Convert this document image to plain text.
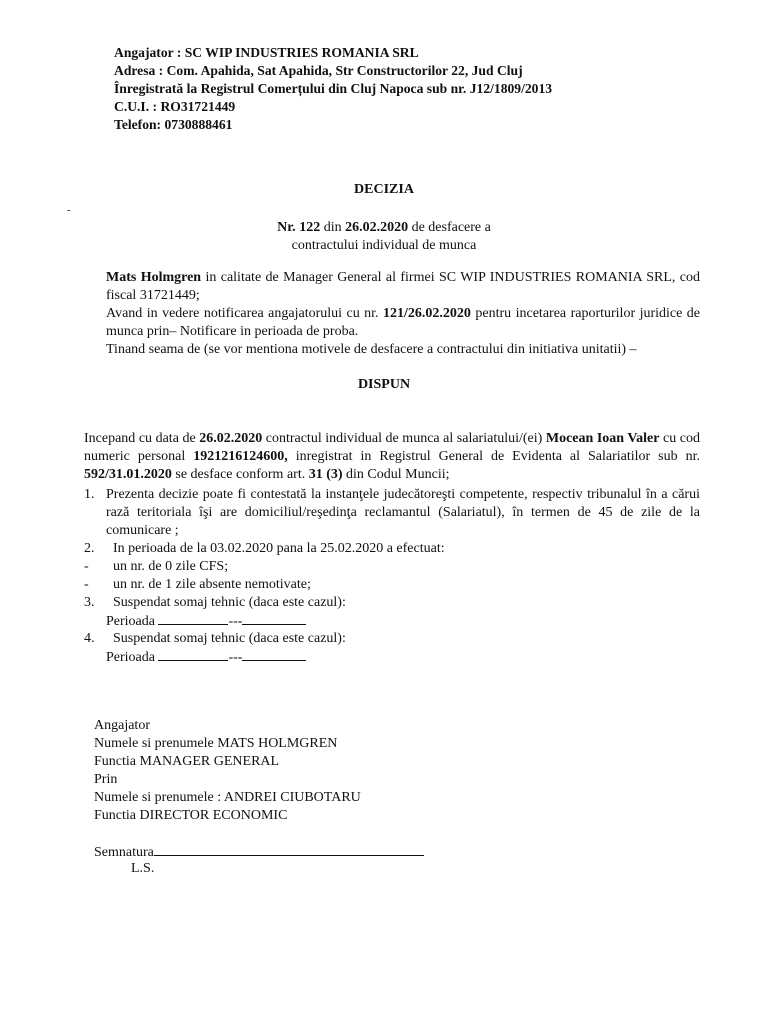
Angajator : SC WIP INDUSTRIES ROMANIA SRL
Adresa : Com. Apahida, Sat Apahida, Str Constructorilor 22, Jud Cluj
Înregistrată la Registrul Comerțului din Cluj Napoca sub nr. J12/1809/2013
C.U.I. : RO31721449
Telefon: 0730888461
DECIZIA
-
Nr. 122 din 26.02.2020 de desfacere a
contractului individual de munca
Mats Holmgren in calitate de Manager General al firmei SC WIP INDUSTRIES ROMANIA SRL, cod fiscal 31721449;
Avand in vedere notificarea angajatorului cu nr. 121/26.02.2020 pentru incetarea raporturilor juridice de munca prin– Notificare in perioada de proba.
Tinand seama de (se vor mentiona motivele de desfacere a contractului din initiativa unitatii) –
DISPUN
Incepand cu data de 26.02.2020 contractul individual de munca al salariatului/(ei) Mocean Ioan Valer cu cod numeric personal 1921216124600, inregistrat in Registrul General de Evidenta al Salariatilor sub nr. 592/31.01.2020 se desface conform art. 31 (3) din Codul Muncii;
1. Prezenta decizie poate fi contestată la instanţele judecătoreşti competente, respectiv tribunalul în a cărui rază teritoriala îşi are domiciliul/reşedinţa reclamantul (Salariatul), în termen de 45 de zile de la comunicare ;
2. In perioada de la 03.02.2020 pana la 25.02.2020 a efectuat:
- un nr. de 0 zile CFS;
- un nr. de 1 zile absente nemotivate;
3. Suspendat somaj tehnic (daca este cazul):
Perioada	---
4. Suspendat somaj tehnic (daca este cazul):
Perioada	---
Angajator
Numele si prenumele MATS HOLMGREN
Functia MANAGER GENERAL
Prin
Numele si prenumele : ANDREI CIUBOTARU
Functia DIRECTOR ECONOMIC
Semnatura
L.S.
